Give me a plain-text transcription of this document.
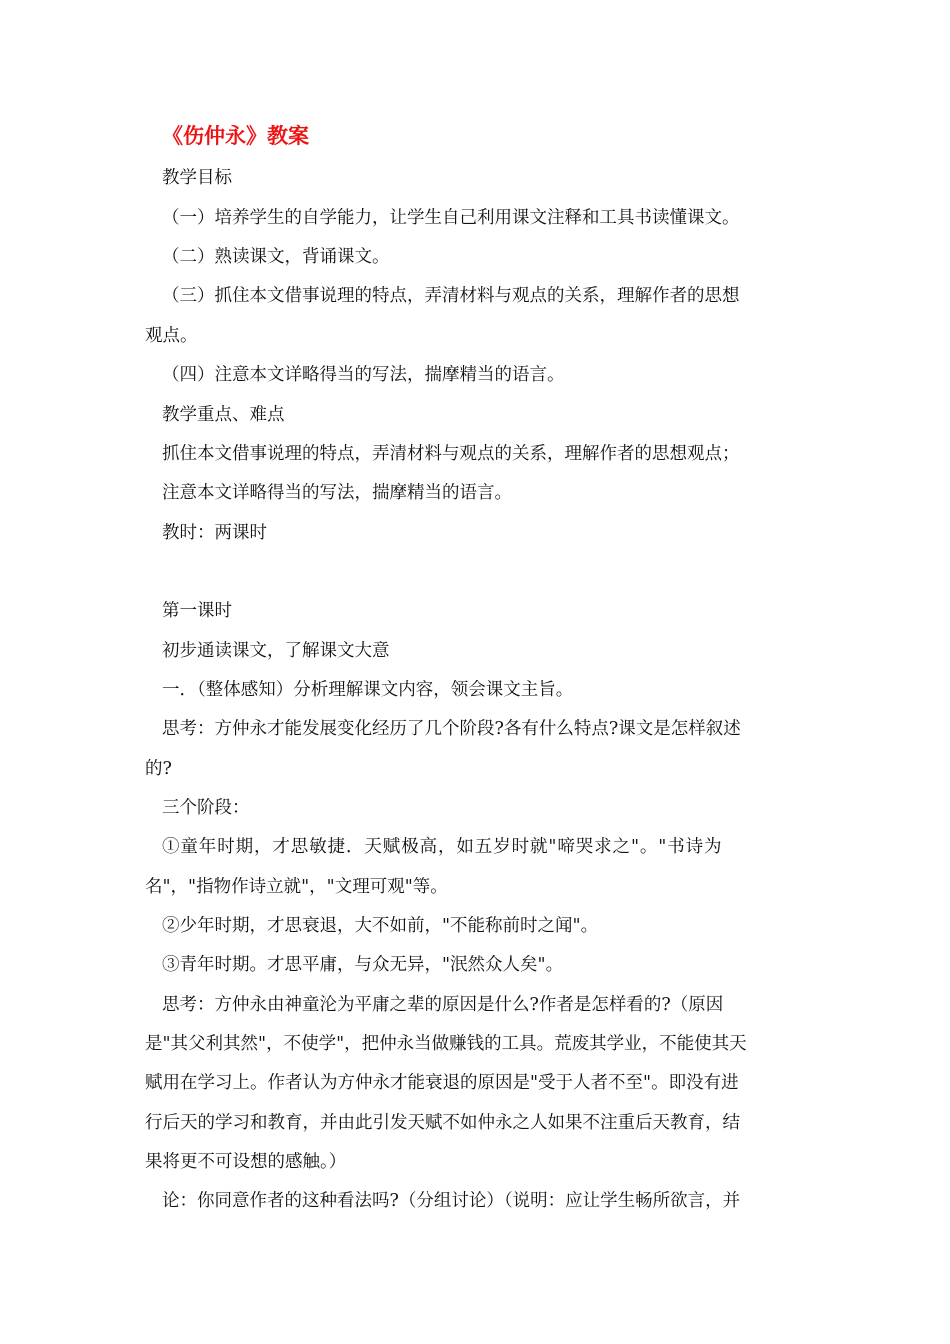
《伤仲永》教案
教学目标
（一）培养学生的自学能力，让学生自己利用课文注释和工具书读懂课文。
（二）熟读课文，背诵课文。
（三）抓住本文借事说理的特点，弄清材料与观点的关系，理解作者的思想
观点。
（四）注意本文详略得当的写法，揣摩精当的语言。
教学重点、难点
抓住本文借事说理的特点，弄清材料与观点的关系，理解作者的思想观点；
注意本文详略得当的写法，揣摩精当的语言。
教时：两课时
第一课时
初步通读课文，了解课文大意
一．（整体感知）分析理解课文内容，领会课文主旨。
思考：方仲永才能发展变化经历了几个阶段?各有什么特点?课文是怎样叙述
的?
三个阶段：
①童年时期，才思敏捷．天赋极高，如五岁时就"啼哭求之"。"书诗为
名"，"指物作诗立就"，"文理可观"等。
②少年时期，才思衰退，大不如前，"不能称前时之闻"。
③青年时期。才思平庸，与众无异，"泯然众人矣"。
思考：方仲永由神童沦为平庸之辈的原因是什么?作者是怎样看的?（原因
是"其父利其然"，不使学"，把仲永当做赚钱的工具。荒废其学业，不能使其天
赋用在学习上。作者认为方仲永才能衰退的原因是"受于人者不至"。即没有进
行后天的学习和教育，并由此引发天赋不如仲永之人如果不注重后天教育，结
果将更不可设想的感触。）
论：你同意作者的这种看法吗?（分组讨论）（说明：应让学生畅所欲言，并
